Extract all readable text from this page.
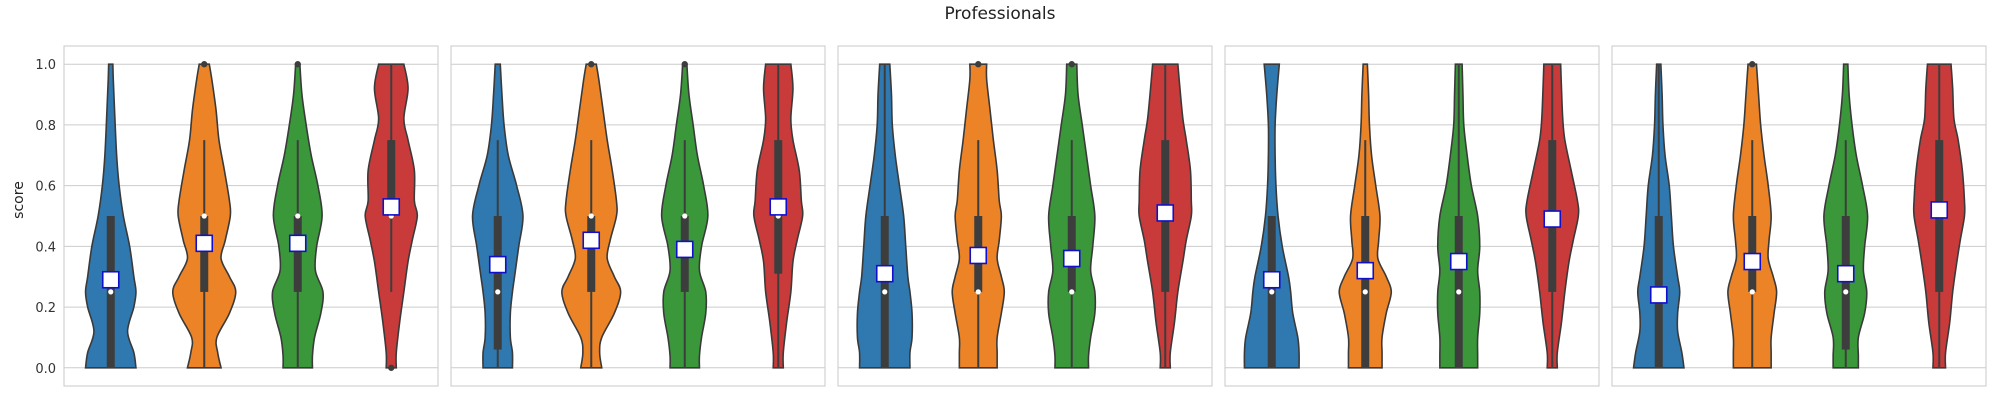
Professionals
score
0.0
0.2
0.4
0.6
0.8
1.0
